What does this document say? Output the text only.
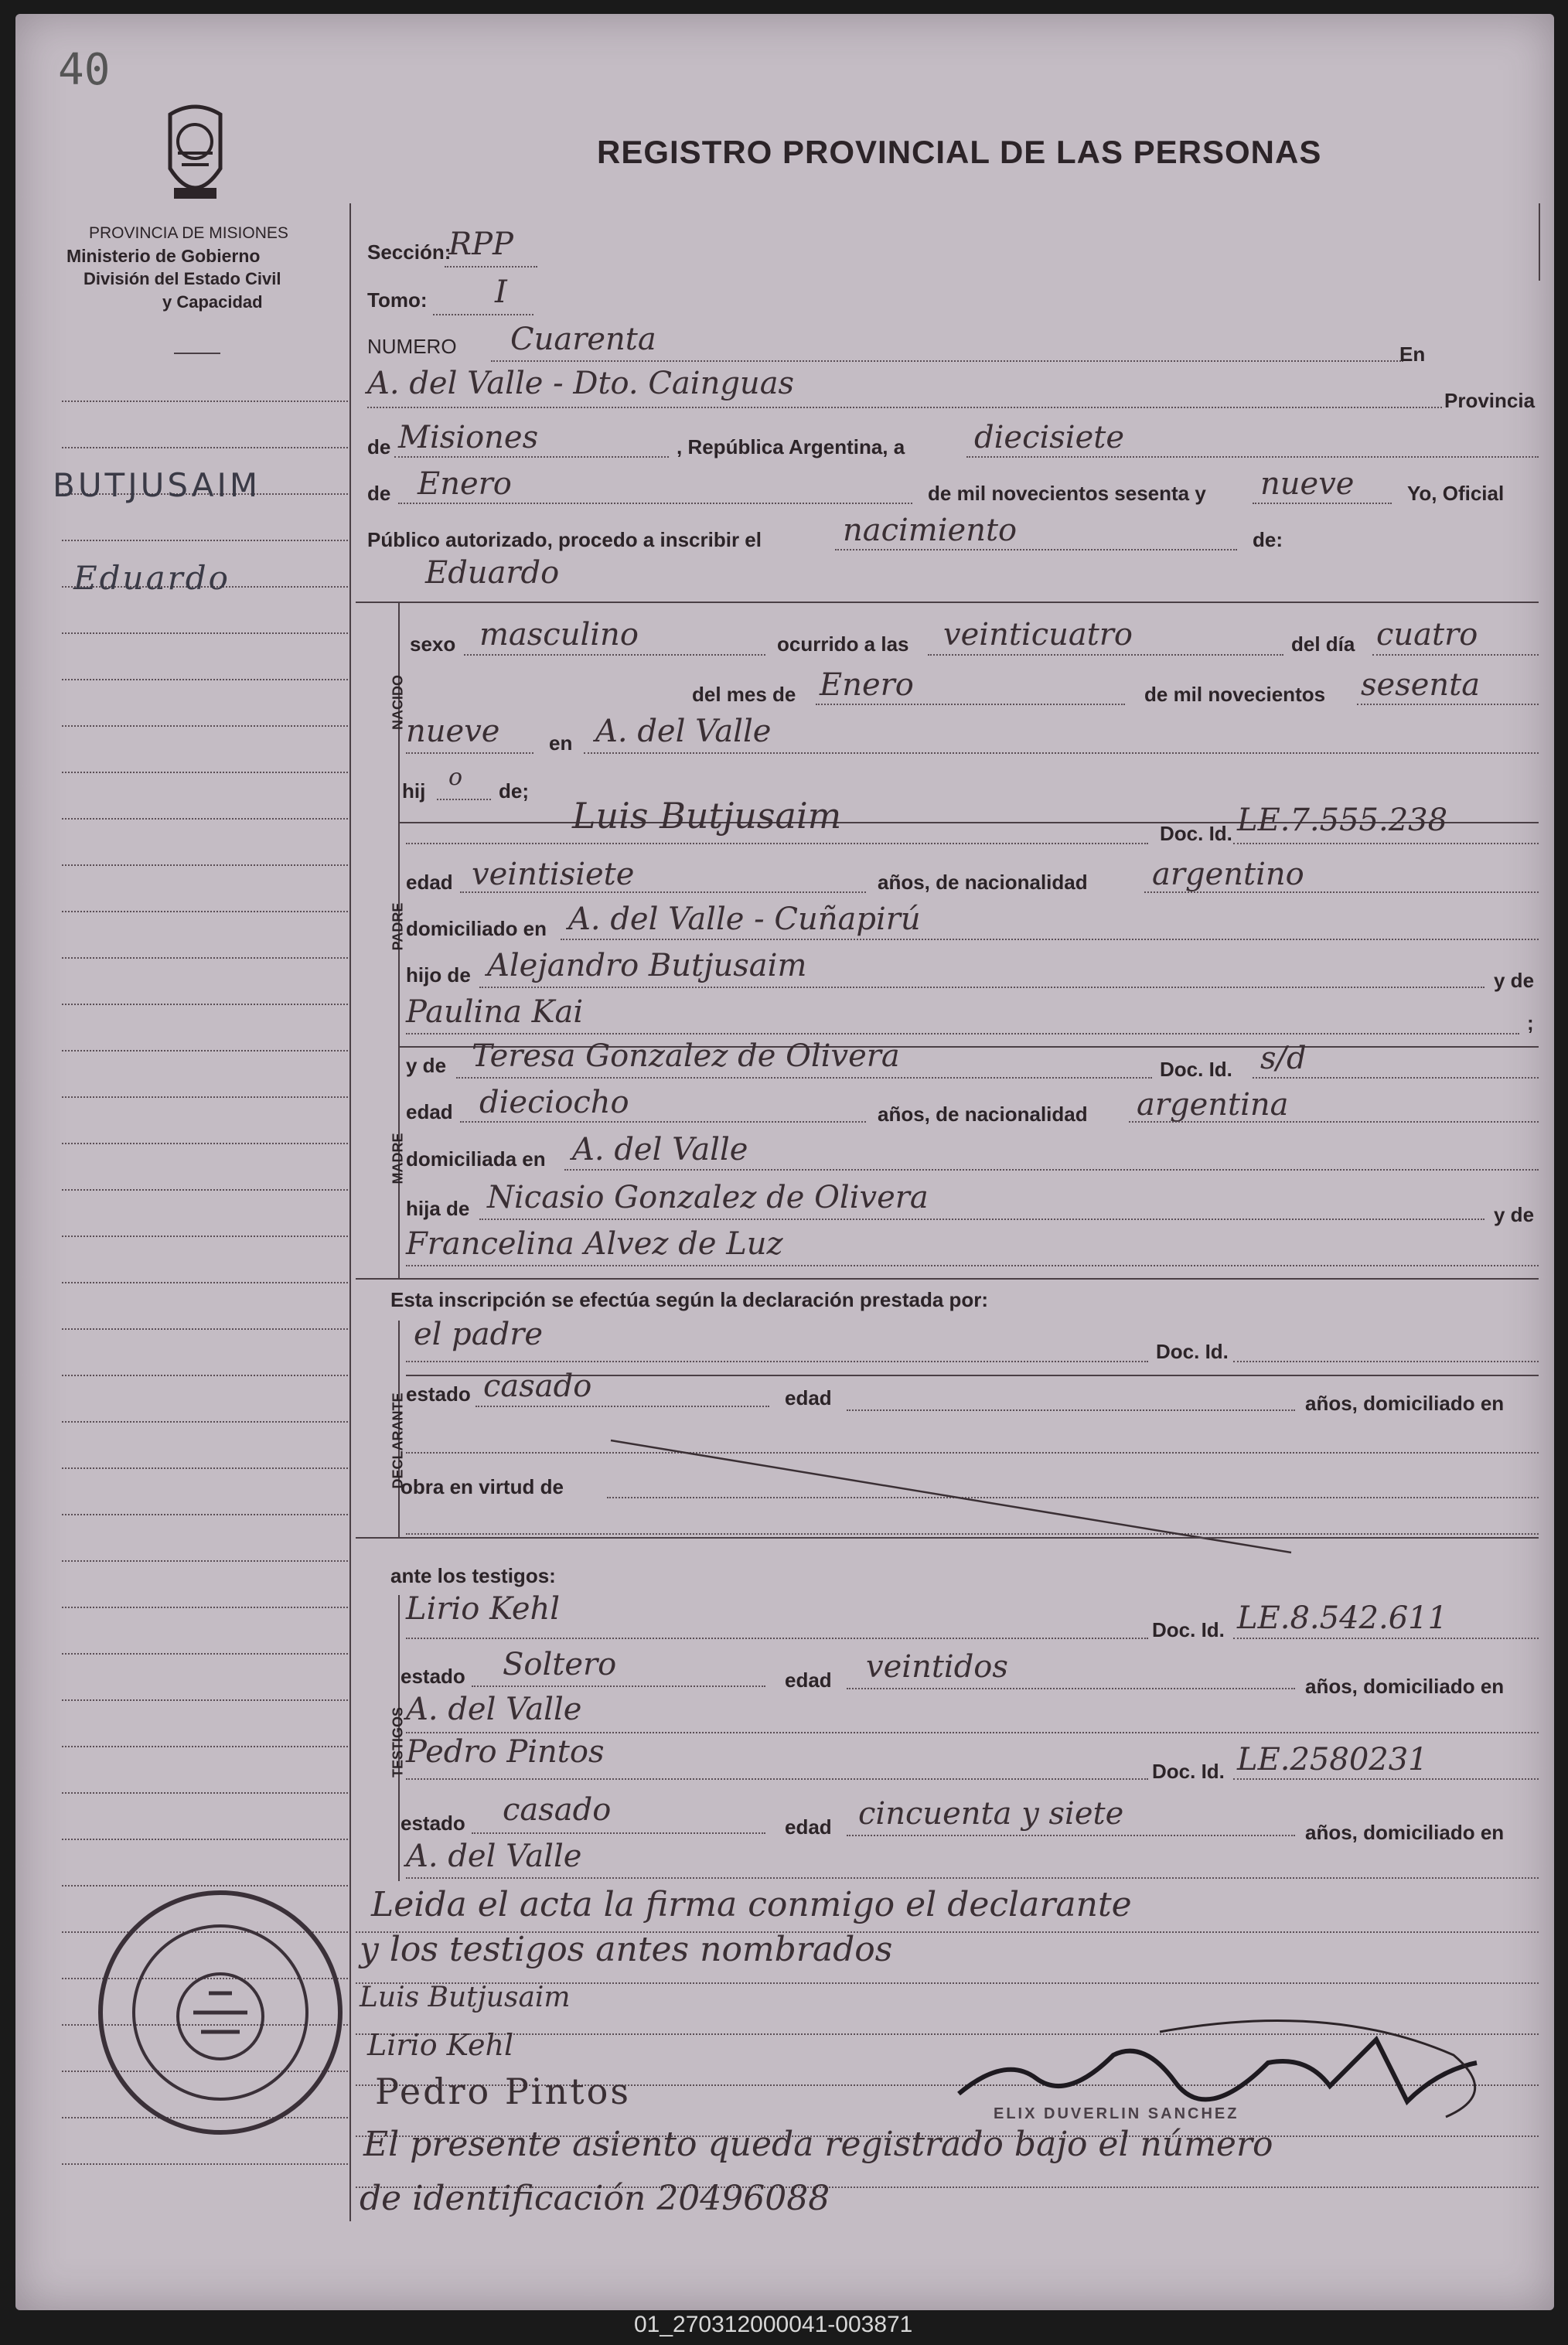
40
PROVINCIA DE MISIONES
Ministerio de Gobierno
División del Estado Civil
y Capacidad
REGISTRO PROVINCIAL DE LAS PERSONAS
BUTJUSAIM
Eduardo
Sección:
RPP
Tomo: I
NUMERO Cuarenta	En
A. del Valle - Dto. Cainguas	Provincia
de Misiones	, República Argentina, a diecisiete
de Enero	de mil novecientos sesenta y nueve	Yo, Oficial
Público autorizado, procedo a inscribir el	nacimiento	de:
Eduardo
NACIDO
sexo masculino	ocurrido a las veinticuatro	del día cuatro
del mes de Enero	de mil novecientos sesenta
nueve en A. del Valle
hij o de;
PADRE
Luis Butjusaim	Doc. Id. LE.7.555.238
edad veintisiete	años, de nacionalidad argentino
domiciliado en A. del Valle - Cuñapirú
hijo de Alejandro Butjusaim	y de
Paulina Kai	;
MADRE
y de Teresa Gonzalez de Olivera	Doc. Id. s/d
edad dieciocho	años, de nacionalidad argentina
domiciliada en A. del Valle
hija de Nicasio Gonzalez de Olivera	y de
Francelina Alvez de Luz
Esta inscripción se efectúa según la declaración prestada por:
DECLARANTE
el padre	Doc. Id.
estado casado	edad	años, domiciliado en
obra en virtud de
ante los testigos:
TESTIGOS
Lirio Kehl
Doc. Id. LE.8.542.611
estado Soltero	edad veintidos
años, domiciliado en
A. del Valle
Pedro Pintos
Doc. Id. LE.2580231
estado casado	edad cincuenta y siete
años, domiciliado en
A. del Valle
Leida el acta la firma conmigo el declarante
y los testigos antes nombrados
Luis Butjusaim
Lirio Kehl
Pedro Pintos
ELIX DUVERLIN SANCHEZ
El presente asiento queda registrado bajo el número
de identificación 20496088
01_270312000041-003871
